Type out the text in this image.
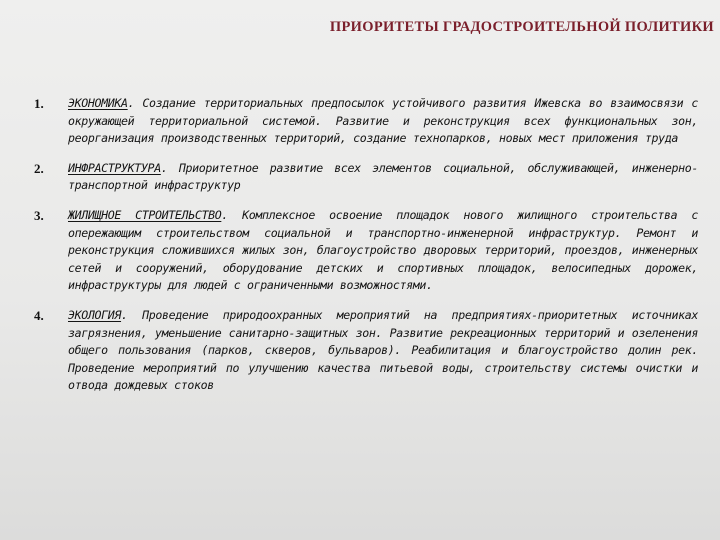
ПРИОРИТЕТЫ ГРАДОСТРОИТЕЛЬНОЙ ПОЛИТИКИ
1. ЭКОНОМИКА. Создание территориальных предпосылок устойчивого развития Ижевска во взаимосвязи с окружающей территориальной системой. Развитие и реконструкция всех функциональных зон, реорганизация производственных территорий, создание технопарков, новых мест приложения труда
2. ИНФРАСТРУКТУРА. Приоритетное развитие всех элементов социальной, обслуживающей, инженерно-транспортной инфраструктур
3. ЖИЛИЩНОЕ СТРОИТЕЛЬСТВО. Комплексное освоение площадок нового жилищного строительства с опережающим строительством социальной и транспортно-инженерной инфраструктур. Ремонт и реконструкция сложившихся жилых зон, благоустройство дворовых территорий, проездов, инженерных сетей и сооружений, оборудование детских и спортивных площадок, велосипедных дорожек, инфраструктуры для людей с ограниченными возможностями.
4. ЭКОЛОГИЯ. Проведение природоохранных мероприятий на предприятиях-приоритетных источниках загрязнения, уменьшение санитарно-защитных зон. Развитие рекреационных территорий и озеленения общего пользования (парков, скверов, бульваров). Реабилитация и благоустройство долин рек. Проведение мероприятий по улучшению качества питьевой воды, строительству системы очистки и отвода дождевых стоков
